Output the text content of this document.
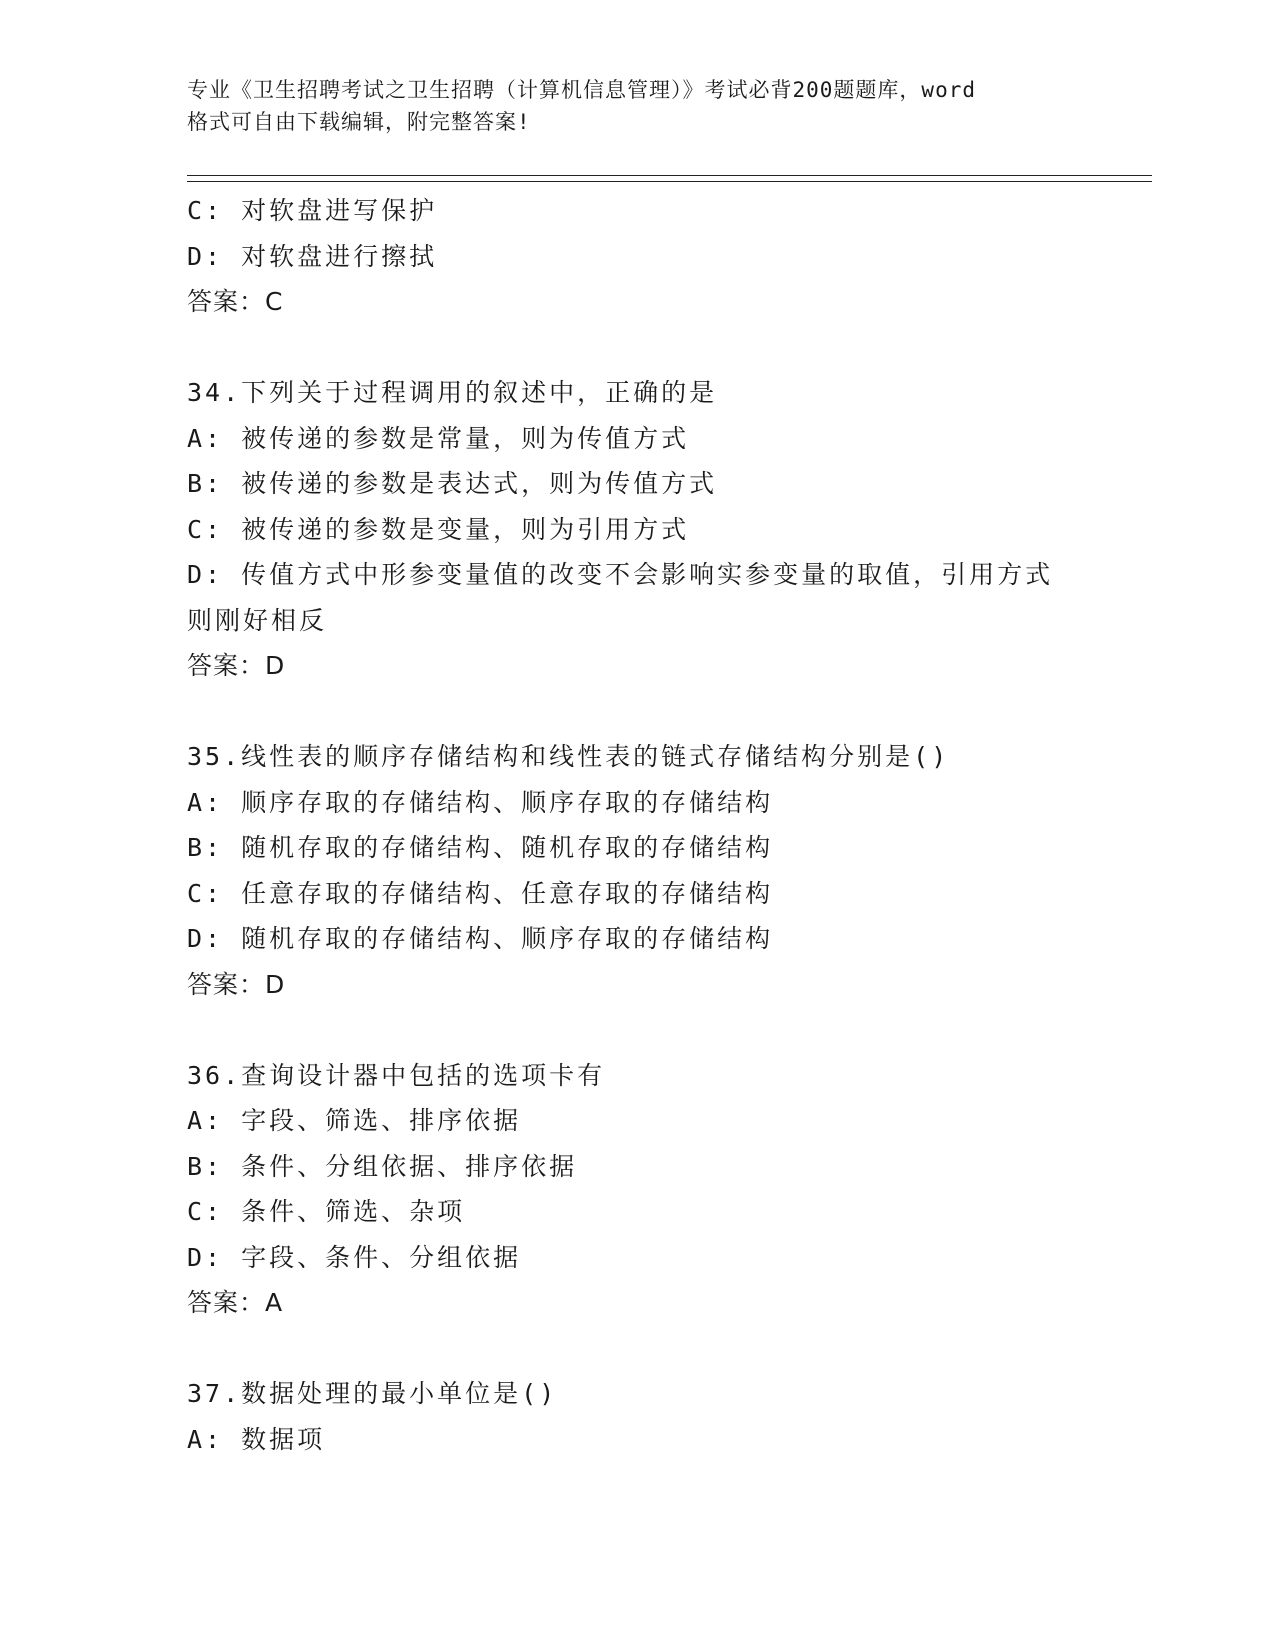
专业《卫生招聘考试之卫生招聘（计算机信息管理）》考试必背200题题库，word
格式可自由下载编辑，附完整答案!
C: 对软盘进写保护
D: 对软盘进行擦拭
答案：C
34.下列关于过程调用的叙述中，正确的是
A: 被传递的参数是常量，则为传值方式
B: 被传递的参数是表达式，则为传值方式
C: 被传递的参数是变量，则为引用方式
D: 传值方式中形参变量值的改变不会影响实参变量的取值，引用方式
则刚好相反
答案：D
35.线性表的顺序存储结构和线性表的链式存储结构分别是()
A: 顺序存取的存储结构、顺序存取的存储结构
B: 随机存取的存储结构、随机存取的存储结构
C: 任意存取的存储结构、任意存取的存储结构
D: 随机存取的存储结构、顺序存取的存储结构
答案：D
36.查询设计器中包括的选项卡有
A: 字段、筛选、排序依据
B: 条件、分组依据、排序依据
C: 条件、筛选、杂项
D: 字段、条件、分组依据
答案：A
37.数据处理的最小单位是()
A: 数据项
